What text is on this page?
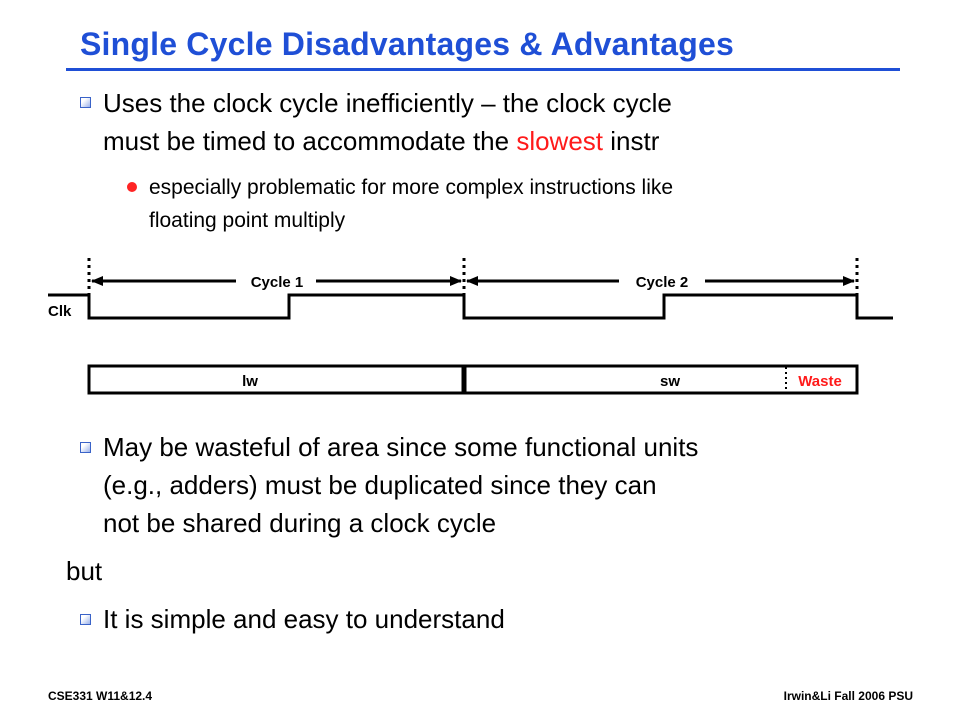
Single Cycle Disadvantages & Advantages
Uses the clock cycle inefficiently – the clock cycle
must be timed to accommodate the slowest instr
especially problematic for more complex instructions like
floating point multiply
Cycle 1	Cycle 2
Clk
lw	sw	Waste
May be wasteful of area since some functional units
(e.g., adders) must be duplicated since they can
not be shared during a clock cycle
but
It is simple and easy to understand
CSE331 W11&12.4	Irwin&Li Fall 2006 PSU
